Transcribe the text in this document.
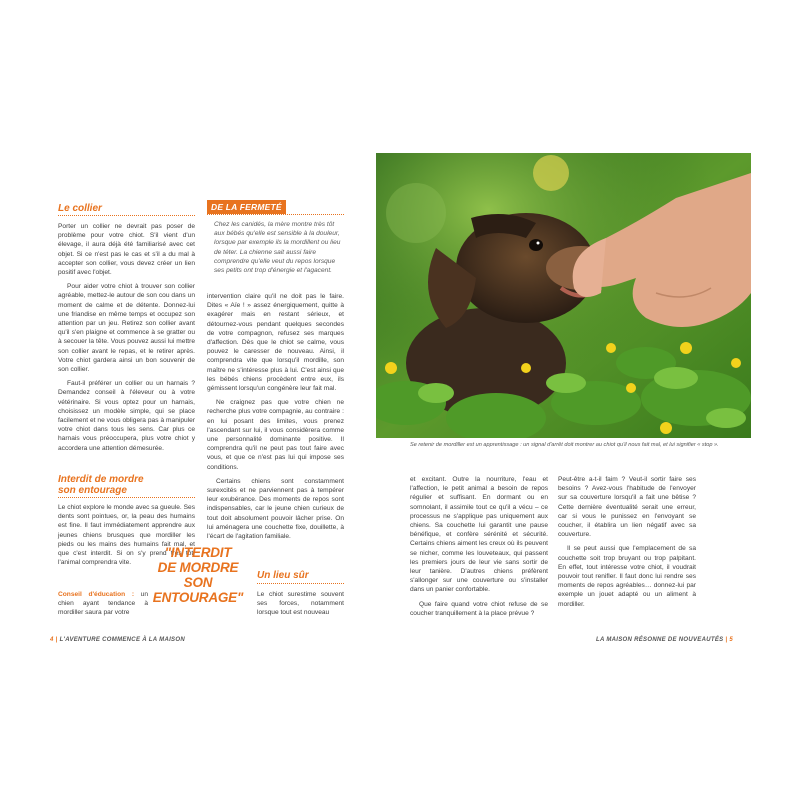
Le collier

Porter un collier ne devrait pas poser de problème pour votre chiot. S'il vient d'un élevage, il aura déjà été familiarisé avec cet objet. Si ce n'est pas le cas et s'il a du mal à accepter son collier, vous devez créer un lien positif avec l'objet.

Pour aider votre chiot à trouver son collier agréable, mettez-le autour de son cou dans un moment de calme et de détente. Donnez-lui une friandise en même temps et occupez son attention par un jeu. Retirez son collier avant qu'il s'en plaigne et commence à se gratter ou à secouer la tête. Vous pouvez aussi lui mettre son collier avant le repas, et le retirer après. Votre chiot gardera ainsi un bon souvenir de son collier.

Faut-il préférer un collier ou un harnais ? Demandez conseil à l'éleveur ou à votre vétérinaire. Si vous optez pour un harnais, choisissez un modèle simple, qui se place facilement et ne vous obligera pas à manipuler votre chiot dans tous les sens. Car plus ce harnais vous préoccupera, plus votre chiot y accordera une attention démesurée.

Interdit de mordre
son entourage

Le chiot explore le monde avec sa gueule. Ses dents sont pointues, or, la peau des humains est fine. Il faut immédiatement apprendre aux jeunes chiens brusques que mordiller les pieds ou les mains des humains fait mal, et que c'est interdit. Si on s'y prend très tôt, l'animal comprendra vite.

Conseil d'éducation : un chien ayant tendance à mordiller saura par votre

"INTERDIT
DE MORDRE
SON
ENTOURAGE"
DE LA FERMETÉ

Chez les canidés, la mère montre très tôt aux bébés qu'elle est sensible à la douleur, lorsque par exemple ils la mordillent ou lieu de téter. La chienne sait aussi faire comprendre qu'elle veut du repos lorsque ses petits ont trop d'énergie et l'agacent.

intervention claire qu'il ne doit pas le faire. Dites « Aïe ! » assez énergiquement, quitte à exagérer mais en restant sérieux, et détournez-vous pendant quelques secondes de votre compagnon, refusez ses marques d'affection. Dès que le chiot se calme, vous pouvez le caresser de nouveau. Ainsi, il comprendra vite que lorsqu'il mordille, son maître ne s'intéresse plus à lui. C'est ainsi que les bébés chiens procèdent entre eux, ils gémissent lorsqu'un congénère leur fait mal.

Ne craignez pas que votre chien ne recherche plus votre compagnie, au contraire : en lui posant des limites, vous prenez l'ascendant sur lui, il vous considèrera comme une personnalité dominante positive. Il comprendra qu'il ne peut pas tout faire avec vous, et que ce n'est pas lui qui impose ses conditions.

Certains chiens sont constamment surexcités et ne parviennent pas à tempérer leur exubérance. Des moments de repos sont indispensables, car le jeune chien curieux de tout doit absolument pouvoir lâcher prise. On lui aménagera une couchette fixe, douillette, à l'écart de l'agitation familiale.

Un lieu sûr

Le chiot surestime souvent ses forces, notamment lorsque tout est nouveau

4 | L'AVENTURE COMMENCE À LA MAISON
Se retenir de mordiller est un apprentissage : un signal d'arrêt doit montrer au chiot qu'il nous fait mal, et lui signifier « stop ».

et excitant. Outre la nourriture, l'eau et l'affection, le petit animal a besoin de repos régulier et suffisant. En dormant ou en somnolant, il assimile tout ce qu'il a vécu – ce processus ne s'applique pas uniquement aux chiens. Sa couchette lui garantit une pause bénéfique, et confère sérénité et sécurité. Certains chiens aiment les creux où ils peuvent se nicher, comme les louveteaux, qui passent les premiers jours de leur vie sans sortir de leur tanière. D'autres chiens préfèrent s'allonger sur une couverture ou s'installer dans un panier confortable.

Que faire quand votre chiot refuse de se coucher tranquillement à la place prévue ?

Peut-être a-t-il faim ? Veut-il sortir faire ses besoins ? Avez-vous l'habitude de l'envoyer sur sa couverture lorsqu'il a fait une bêtise ? Cette dernière éventualité serait une erreur, car si vous le punissez en l'envoyant se coucher, il établira un lien négatif avec sa couverture.

Il se peut aussi que l'emplacement de sa couchette soit trop bruyant ou trop palpitant. En effet, tout intéresse votre chiot, il voudrait pouvoir tout renifler. Il faut donc lui rendre ses moments de repos agréables… donnez-lui par exemple un jouet adapté ou un aliment à mordiller.

LA MAISON RÉSONNE DE NOUVEAUTÉS | 5
